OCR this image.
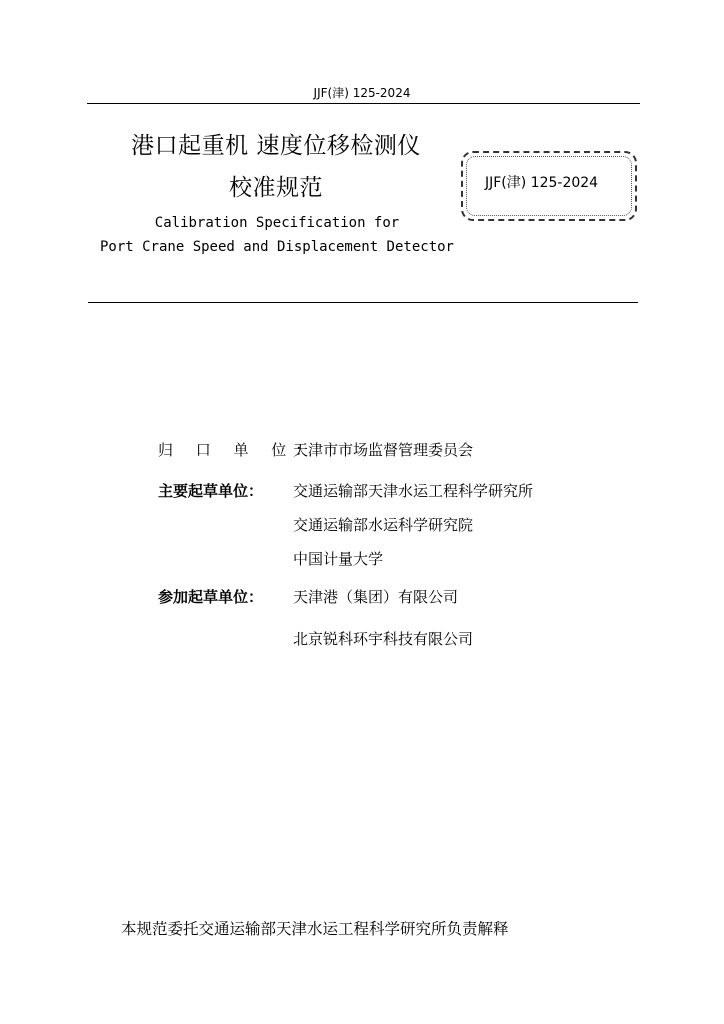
JJF(津) 125-2024
港口起重机 速度位移检测仪
校准规范
Calibration Specification for
Port Crane Speed and Displacement Detector
JJF(津) 125-2024
归 口 单 位：
天津市市场监督管理委员会
主要起草单位：	交通运输部天津水运工程科学研究所
交通运输部水运科学研究院
中国计量大学
参加起草单位：	天津港（集团）有限公司
北京锐科环宇科技有限公司
本规范委托交通运输部天津水运工程科学研究所负责解释
